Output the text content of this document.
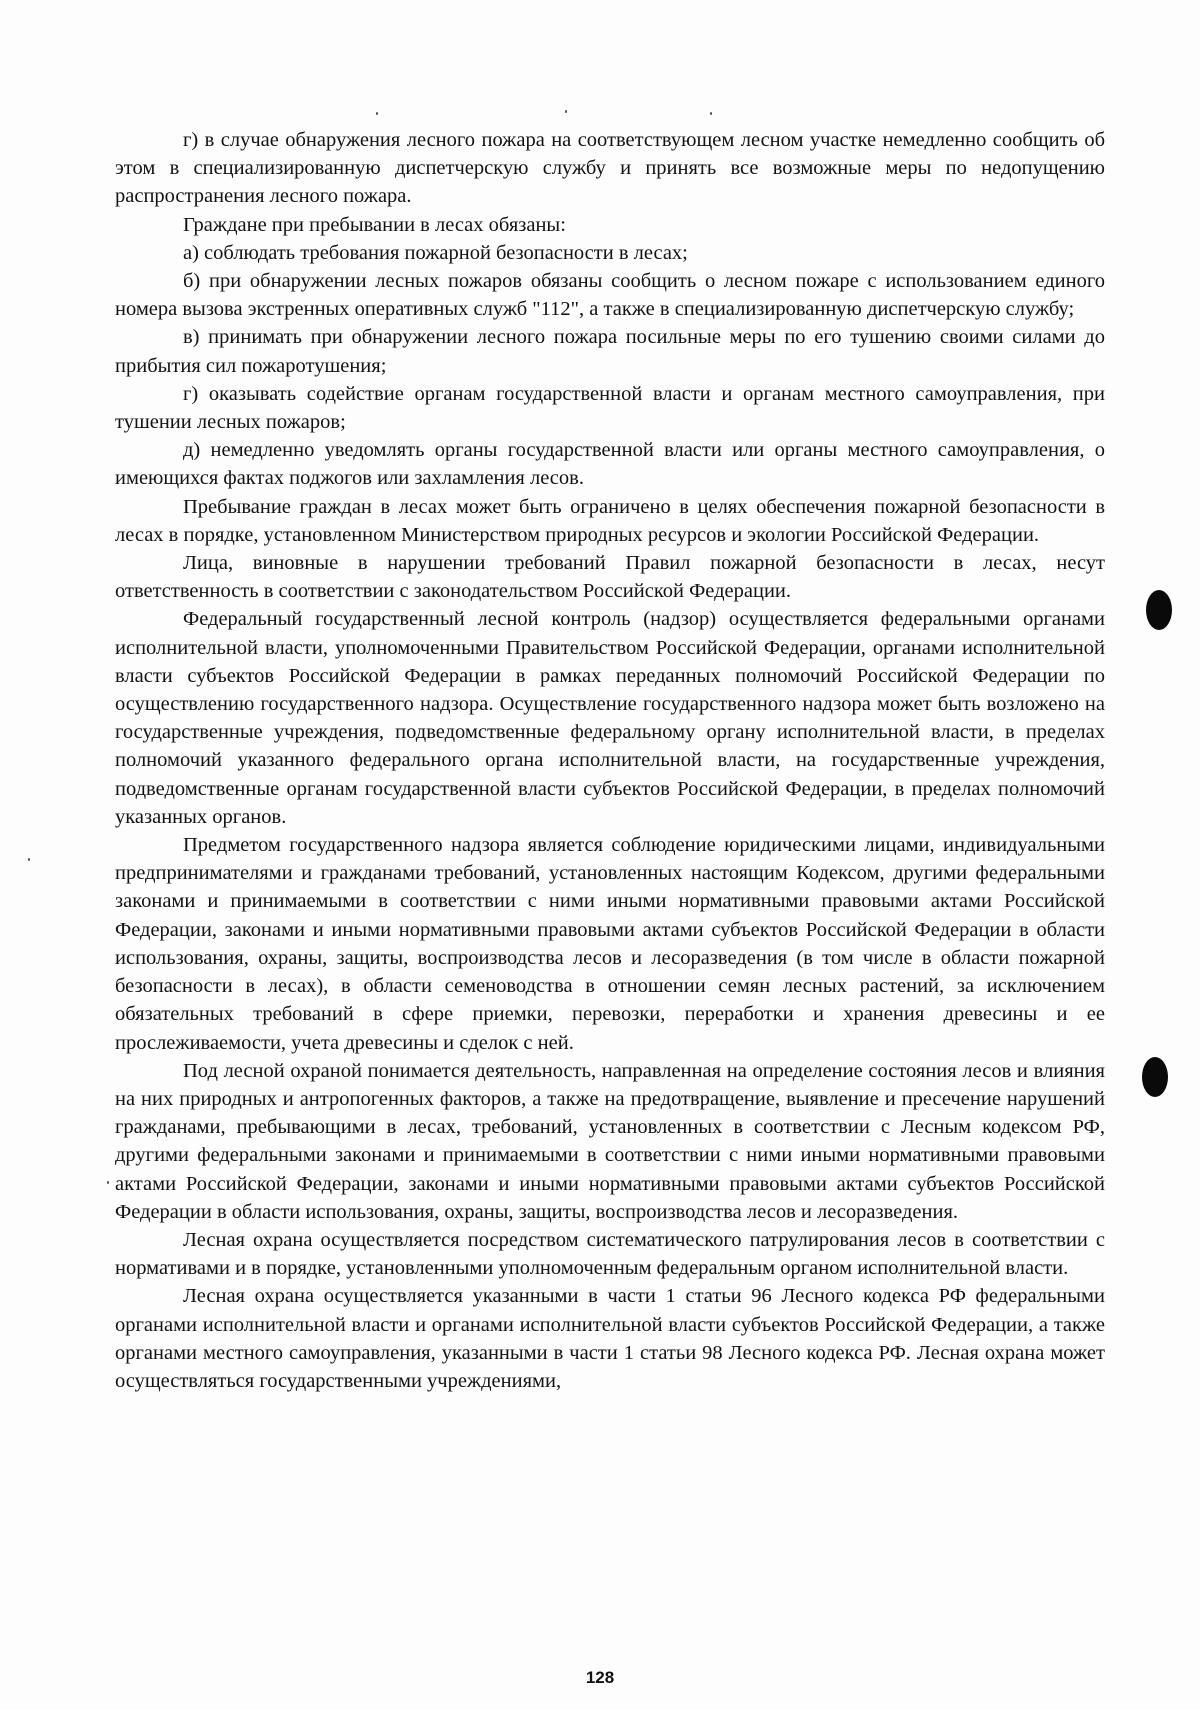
г) в случае обнаружения лесного пожара на соответствующем лесном участке немедленно сообщить об этом в специализированную диспетчерскую службу и принять все возможные меры по недопущению распространения лесного пожара.

Граждане при пребывании в лесах обязаны:

а) соблюдать требования пожарной безопасности в лесах;

б) при обнаружении лесных пожаров обязаны сообщить о лесном пожаре с использованием единого номера вызова экстренных оперативных служб "112", а также в специализированную диспетчерскую службу;

в) принимать при обнаружении лесного пожара посильные меры по его тушению своими силами до прибытия сил пожаротушения;

г) оказывать содействие органам государственной власти и органам местного самоуправления, при тушении лесных пожаров;

д) немедленно уведомлять органы государственной власти или органы местного самоуправления, о имеющихся фактах поджогов или захламления лесов.

Пребывание граждан в лесах может быть ограничено в целях обеспечения пожарной безопасности в лесах в порядке, установленном Министерством природных ресурсов и экологии Российской Федерации.

Лица, виновные в нарушении требований Правил пожарной безопасности в лесах, несут ответственность в соответствии с законодательством Российской Федерации.

Федеральный государственный лесной контроль (надзор) осуществляется федеральными органами исполнительной власти, уполномоченными Правительством Российской Федерации, органами исполнительной власти субъектов Российской Федерации в рамках переданных полномочий Российской Федерации по осуществлению государственного надзора. Осуществление государственного надзора может быть возложено на государственные учреждения, подведомственные федеральному органу исполнительной власти, в пределах полномочий указанного федерального органа исполнительной власти, на государственные учреждения, подведомственные органам государственной власти субъектов Российской Федерации, в пределах полномочий указанных органов.

Предметом государственного надзора является соблюдение юридическими лицами, индивидуальными предпринимателями и гражданами требований, установленных настоящим Кодексом, другими федеральными законами и принимаемыми в соответствии с ними иными нормативными правовыми актами Российской Федерации, законами и иными нормативными правовыми актами субъектов Российской Федерации в области использования, охраны, защиты, воспроизводства лесов и лесоразведения (в том числе в области пожарной безопасности в лесах), в области семеноводства в отношении семян лесных растений, за исключением обязательных требований в сфере приемки, перевозки, переработки и хранения древесины и ее прослеживаемости, учета древесины и сделок с ней.

Под лесной охраной понимается деятельность, направленная на определение состояния лесов и влияния на них природных и антропогенных факторов, а также на предотвращение, выявление и пресечение нарушений гражданами, пребывающими в лесах, требований, установленных в соответствии с Лесным кодексом РФ, другими федеральными законами и принимаемыми в соответствии с ними иными нормативными правовыми актами Российской Федерации, законами и иными нормативными правовыми актами субъектов Российской Федерации в области использования, охраны, защиты, воспроизводства лесов и лесоразведения.

Лесная охрана осуществляется посредством систематического патрулирования лесов в соответствии с нормативами и в порядке, установленными уполномоченным федеральным органом исполнительной власти.

Лесная охрана осуществляется указанными в части 1 статьи 96 Лесного кодекса РФ федеральными органами исполнительной власти и органами исполнительной власти субъектов Российской Федерации, а также органами местного самоуправления, указанными в части 1 статьи 98 Лесного кодекса РФ. Лесная охрана может осуществляться государственными учреждениями,

128
